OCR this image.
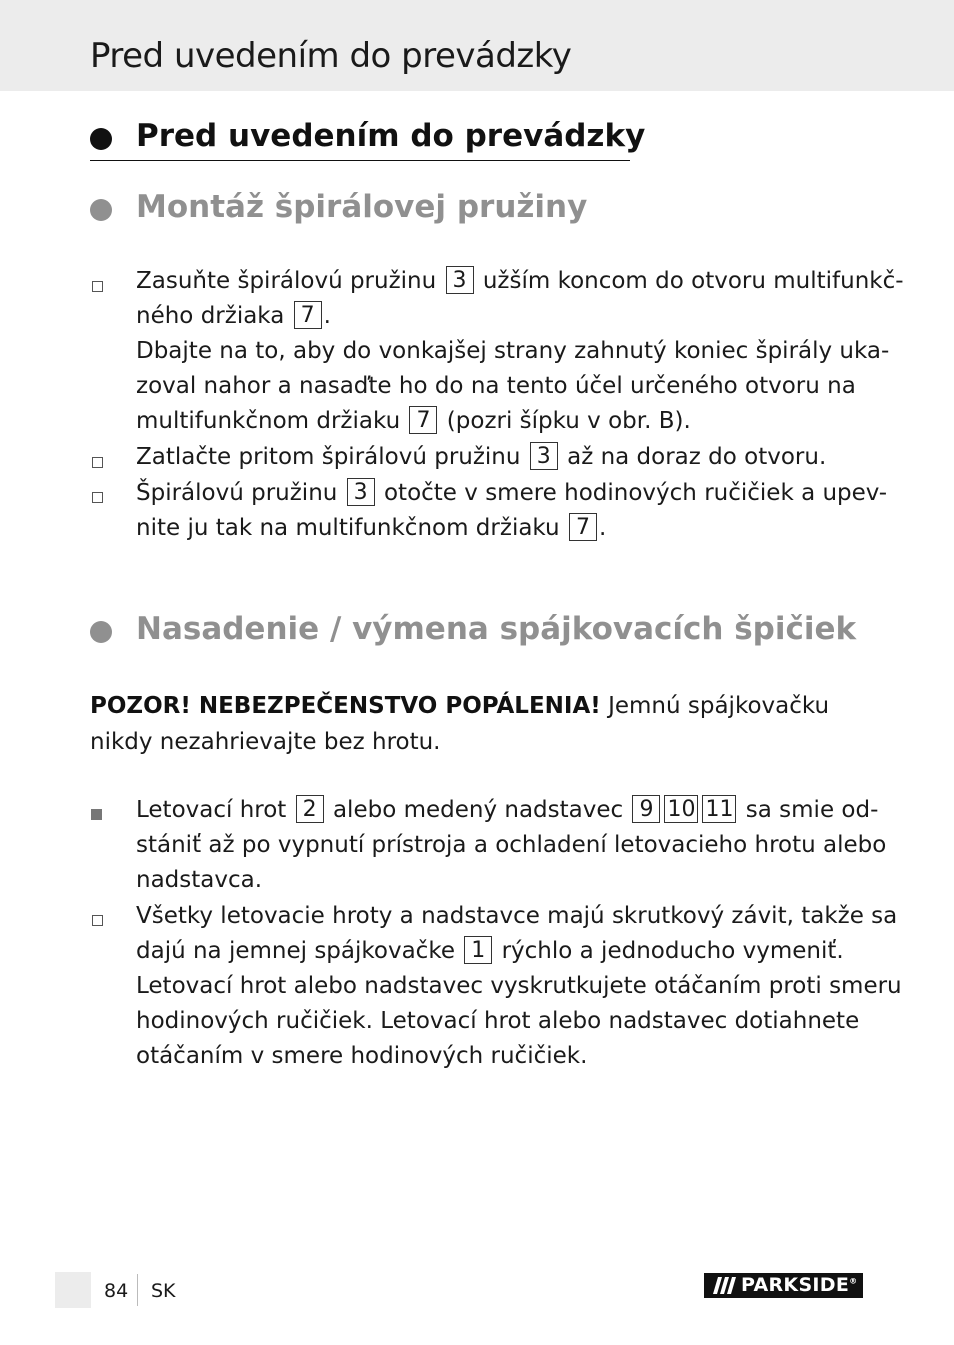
Pred uvedením do prevádzky
Pred uvedením do prevádzky
Montáž špirálovej pružiny
Zasuňte špirálovú pružinu 3 užším koncom do otvoru multifunkč-
ného držiaka 7 .
Dbajte na to, aby do vonkajšej strany zahnutý koniec špirály uka-
zoval nahor a nasaďte ho do na tento účel určeného otvoru na
multifunkčnom držiaku 7 (pozri šípku v obr. B).
Zatlačte pritom špirálovú pružinu 3 až na doraz do otvoru.
Špirálovú pružinu 3 otočte v smere hodinových ručičiek a upev-
nite ju tak na multifunkčnom držiaku 7 .
Nasadenie / výmena spájkovacích špičiek
POZOR! NEBEZPEČENSTVO POPÁLENIA! Jemnú spájkovačku
nikdy nezahrievajte bez hrotu.
Letovací hrot 2 alebo medený nadstavec 9 10 11 sa smie od-
stániť až po vypnutí prístroja a ochladení letovacieho hrotu alebo
nadstavca.
Všetky letovacie hroty a nadstavce majú skrutkový závit, takže sa
dajú na jemnej spájkovačke 1 rýchlo a jednoducho vymeniť.
Letovací hrot alebo nadstavec vyskrutkujete otáčaním proti smeru
hodinových ručičiek. Letovací hrot alebo nadstavec dotiahnete
otáčaním v smere hodinových ručičiek.
84 SK	PARKSIDE®
